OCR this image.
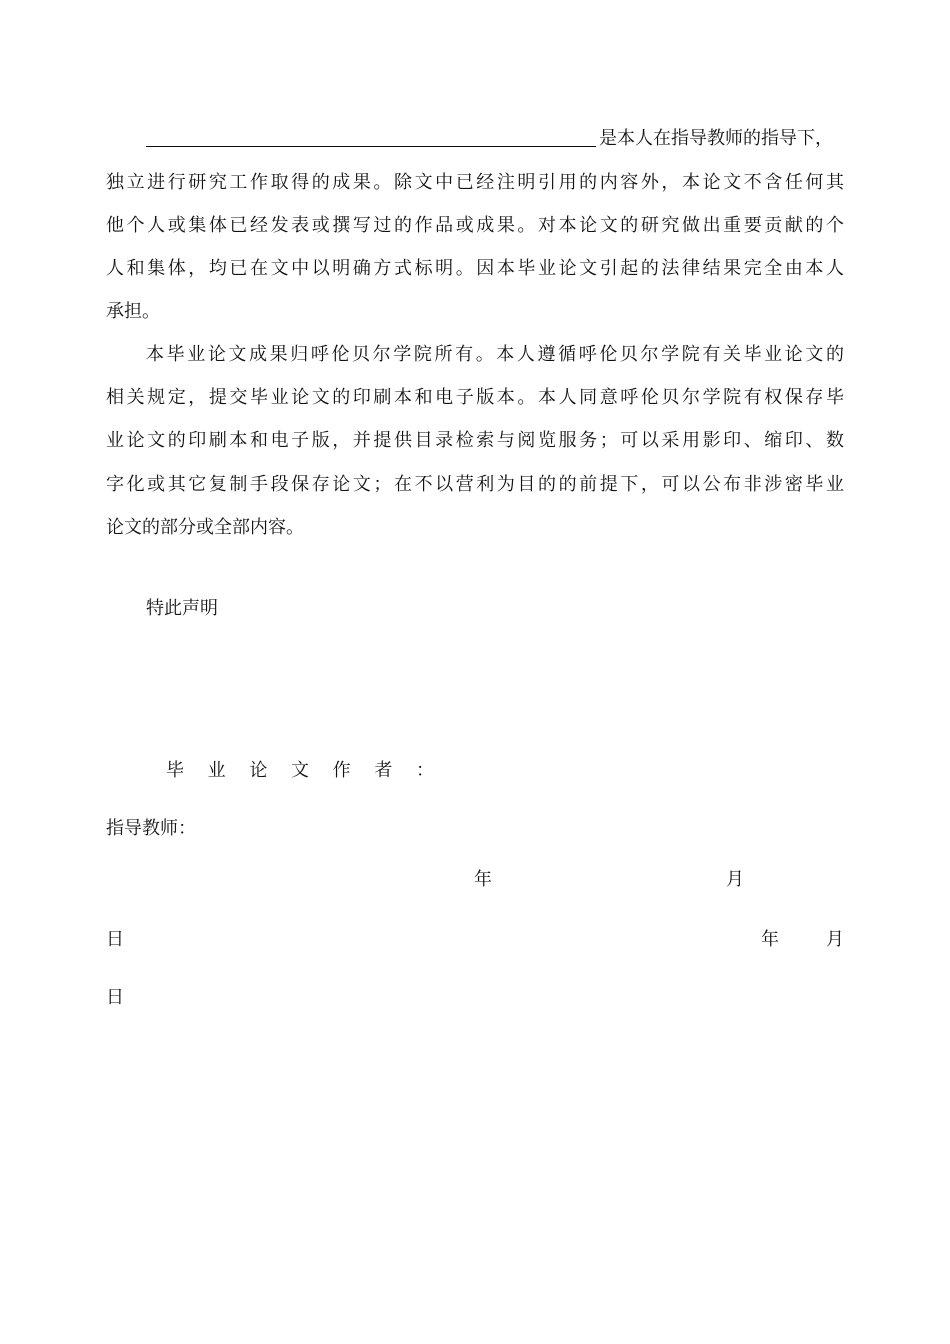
是本人在指导教师的指导下，
独立进行研究工作取得的成果。除文中已经注明引用的内容外，本论文不含任何其
他个人或集体已经发表或撰写过的作品或成果。对本论文的研究做出重要贡献的个
人和集体，均已在文中以明确方式标明。因本毕业论文引起的法律结果完全由本人
承担。
本毕业论文成果归呼伦贝尔学院所有。本人遵循呼伦贝尔学院有关毕业论文的
相关规定，提交毕业论文的印刷本和电子版本。本人同意呼伦贝尔学院有权保存毕
业论文的印刷本和电子版，并提供目录检索与阅览服务；可以采用影印、缩印、数
字化或其它复制手段保存论文；在不以营利为目的的前提下，可以公布非涉密毕业
论文的部分或全部内容。
特此声明
毕 业 论 文 作 者 ：
指导教师：
年	月
日	年	月
日
